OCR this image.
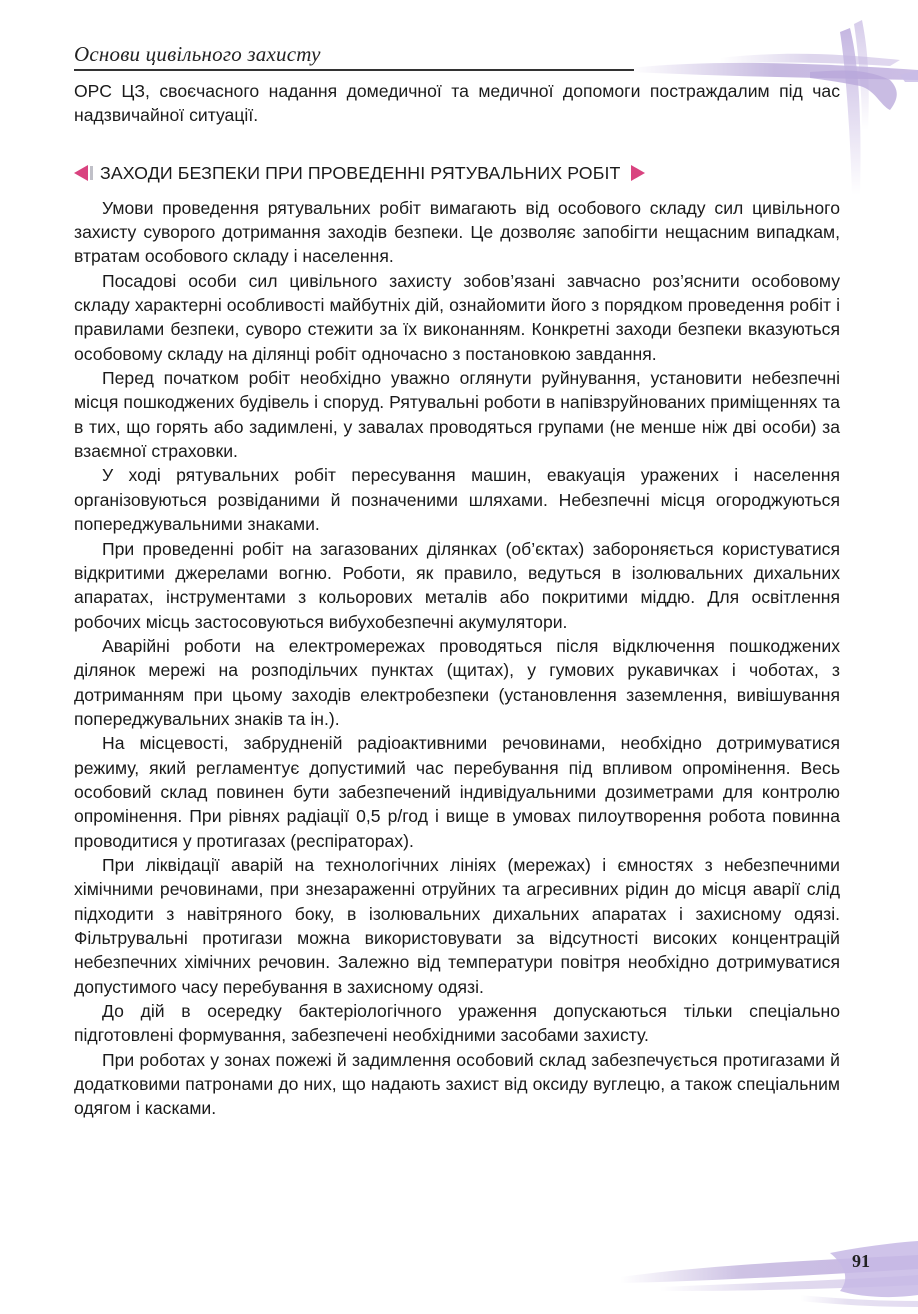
Основи цивільного захисту

ОРС ЦЗ, своєчасного надання домедичної та медичної допомоги постраждалим під час надзвичайної ситуації.

ЗАХОДИ БЕЗПЕКИ ПРИ ПРОВЕДЕННІ РЯТУВАЛЬНИХ РОБІТ

Умови проведення рятувальних робіт вимагають від особового складу сил цивільного захисту суворого дотримання заходів безпеки. Це дозволяє запобігти нещасним випадкам, втратам особового складу і населення.

Посадові особи сил цивільного захисту зобов’язані завчасно роз’яснити особовому складу характерні особливості майбутніх дій, ознайомити його з порядком проведення робіт і правилами безпеки, суворо стежити за їх виконанням. Конкретні заходи безпеки вказуються особовому складу на ділянці робіт одночасно з постановкою завдання.

Перед початком робіт необхідно уважно оглянути руйнування, установити небезпечні місця пошкоджених будівель і споруд. Рятувальні роботи в напівзруйнованих приміщеннях та в тих, що горять або задимлені, у завалах проводяться групами (не менше ніж дві особи) за взаємної страховки.

У ході рятувальних робіт пересування машин, евакуація уражених і населення організовуються розвіданими й позначеними шляхами. Небезпечні місця огороджуються попереджувальними знаками.

При проведенні робіт на загазованих ділянках (об’єктах) забороняється користуватися відкритими джерелами вогню. Роботи, як правило, ведуться в ізолювальних дихальних апаратах, інструментами з кольорових металів або покритими міддю. Для освітлення робочих місць застосовуються вибухобезпечні акумулятори.

Аварійні роботи на електромережах проводяться після відключення пошкоджених ділянок мережі на розподільчих пунктах (щитах), у гумових рукавичках і чоботах, з дотриманням при цьому заходів електробезпеки (установлення заземлення, вивішування попереджувальних знаків та ін.).

На місцевості, забрудненій радіоактивними речовинами, необхідно дотримуватися режиму, який регламентує допустимий час перебування під впливом опромінення. Весь особовий склад повинен бути забезпечений індивідуальними дозиметрами для контролю опромінення. При рівнях радіації 0,5 р/год і вище в умовах пилоутворення робота повинна проводитися у протигазах (респіраторах).

При ліквідації аварій на технологічних лініях (мережах) і ємностях з небезпечними хімічними речовинами, при знезараженні отруйних та агресивних рідин до місця аварії слід підходити з навітряного боку, в ізолювальних дихальних апаратах і захисному одязі. Фільтрувальні протигази можна використовувати за відсутності високих концентрацій небезпечних хімічних речовин. Залежно від температури повітря необхідно дотримуватися допустимого часу перебування в захисному одязі.

До дій в осередку бактеріологічного ураження допускаються тільки спеціально підготовлені формування, забезпечені необхідними засобами захисту.

При роботах у зонах пожежі й задимлення особовий склад забезпечується протигазами й додатковими патронами до них, що надають захист від оксиду вуглецю, а також спеціальним одягом і касками.

91
